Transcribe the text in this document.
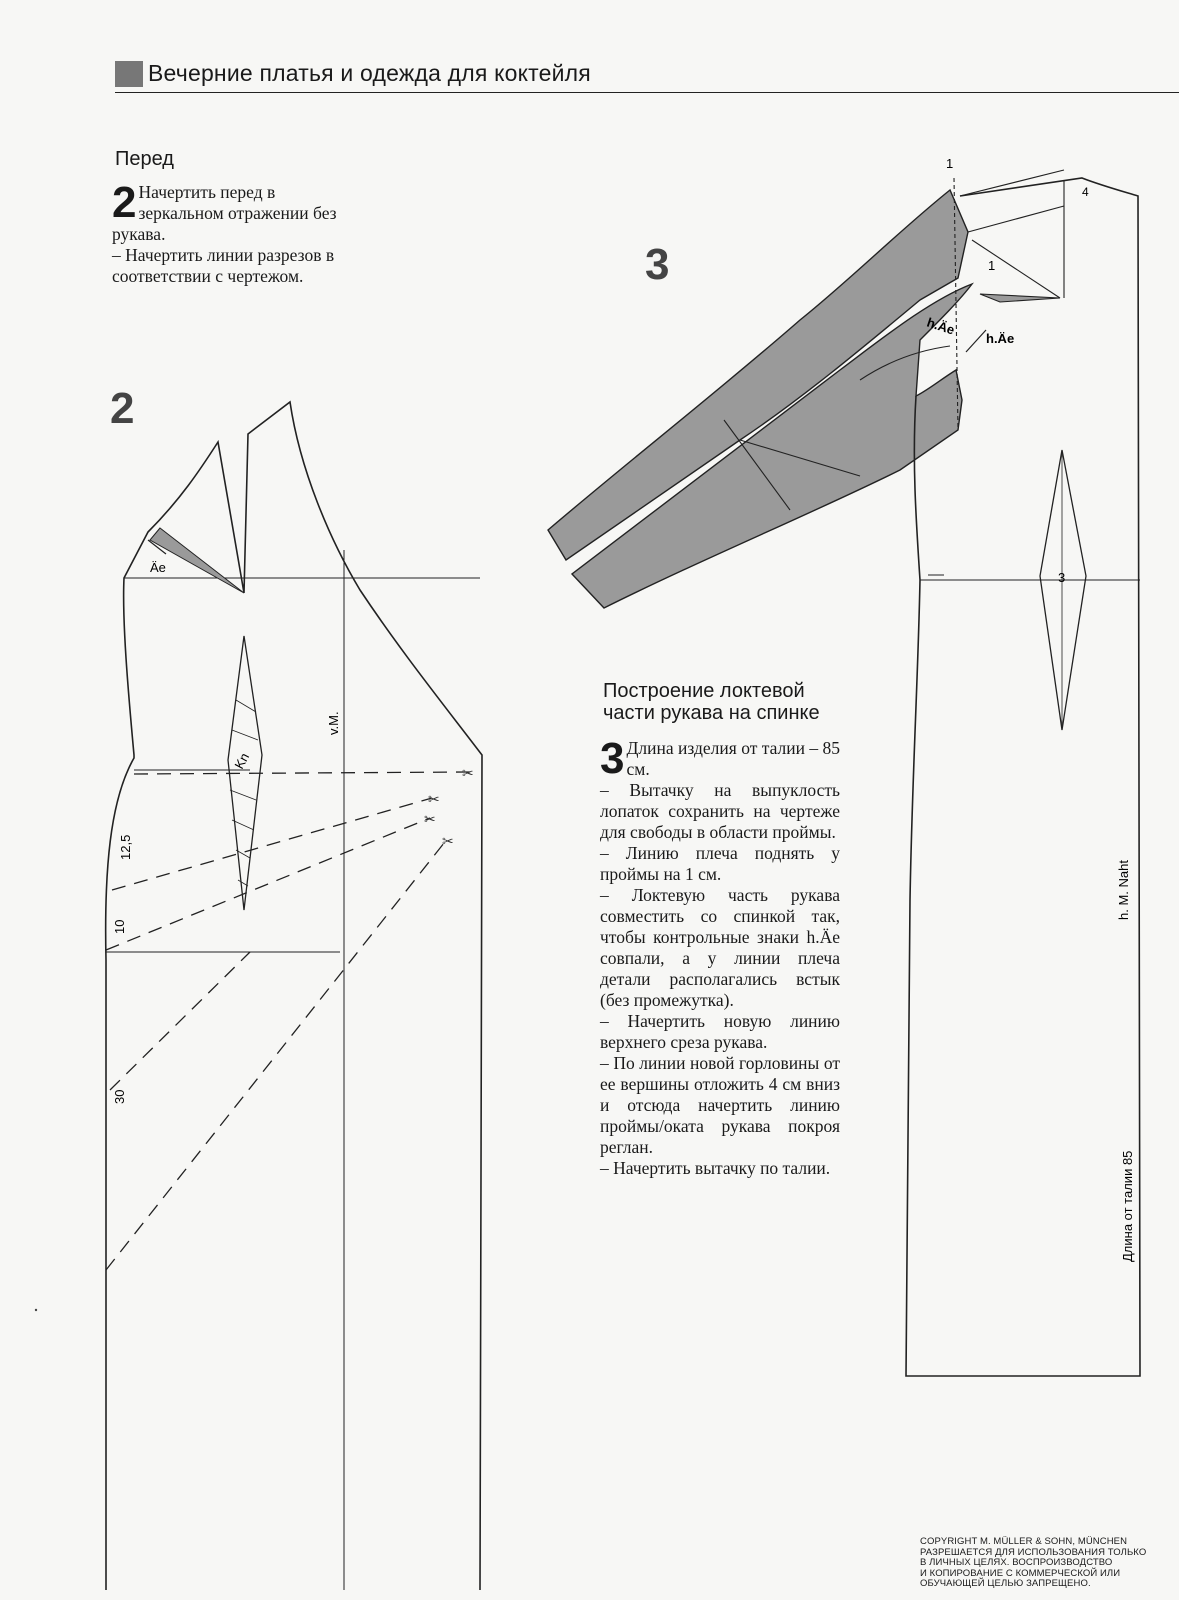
Вечерние платья и одежда для коктейля
Перед

2 Начертить перед в зеркальном отражении без рукава.

– Начертить линии разрезов в соответствии с чертежом.

2
3
Построение локтевой
части рукава на спинке

3 Длина изделия от талии – 85 см.

– Вытачку на выпуклость лопаток сохранить на чертеже для свободы в области проймы.

– Линию плеча поднять у проймы на 1 см.

– Локтевую часть рукава совместить со спинкой так, чтобы контрольные знаки h.Äe совпали, а у линии плеча детали располагались встык (без промежутка).

– Начертить новую линию верхнего среза рукава.

– По линии новой горловины от ее вершины отложить 4 см вниз и отсюда начертить линию проймы/оката рукава покроя реглан.

– Начертить вытачку по талии.

✂
✂
✂
✂
Äe
v.M.
Kn
12,5
10
30
h.Äe
h.Äe
1
1
4
3
h. M. Naht
Длина от талии 85
COPYRIGHT M. MÜLLER & SOHN, MÜNCHEN
РАЗРЕШАЕТСЯ ДЛЯ ИСПОЛЬЗОВАНИЯ ТОЛЬКО
В ЛИЧНЫХ ЦЕЛЯХ. ВОСПРОИЗВОДСТВО
И КОПИРОВАНИЕ С КОММЕРЧЕСКОЙ ИЛИ
ОБУЧАЮЩЕЙ ЦЕЛЬЮ ЗАПРЕЩЕНО.
